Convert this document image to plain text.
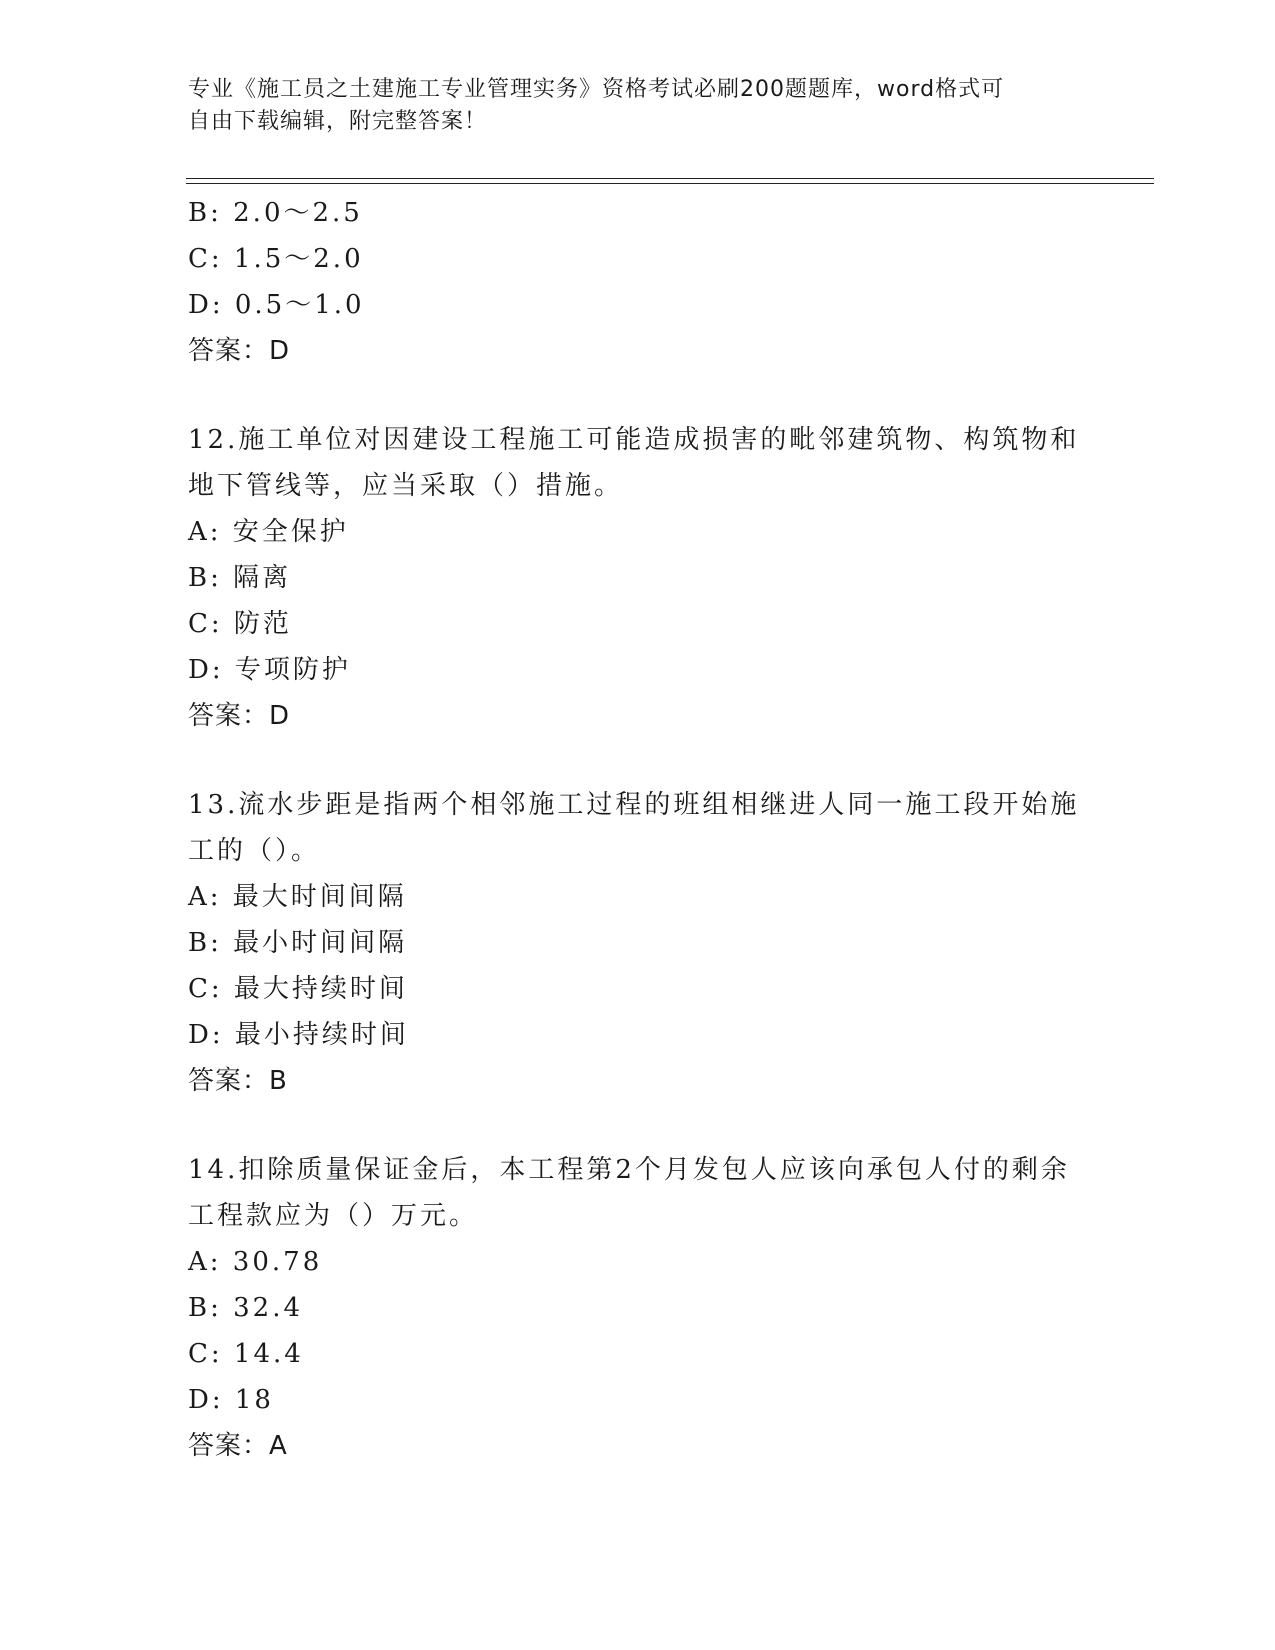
专业《施工员之土建施工专业管理实务》资格考试必刷200题题库，word格式可
自由下载编辑，附完整答案！
B: 2.0～2.5
C: 1.5～2.0
D: 0.5～1.0
答案：D
12.施工单位对因建设工程施工可能造成损害的毗邻建筑物、构筑物和
地下管线等，应当采取（）措施。
A: 安全保护
B: 隔离
C: 防范
D: 专项防护
答案：D
13.流水步距是指两个相邻施工过程的班组相继进人同一施工段开始施
工的（）。
A: 最大时间间隔
B: 最小时间间隔
C: 最大持续时间
D: 最小持续时间
答案：B
14.扣除质量保证金后，本工程第2个月发包人应该向承包人付的剩余
工程款应为（）万元。
A: 30.78
B: 32.4
C: 14.4
D: 18
答案：A
